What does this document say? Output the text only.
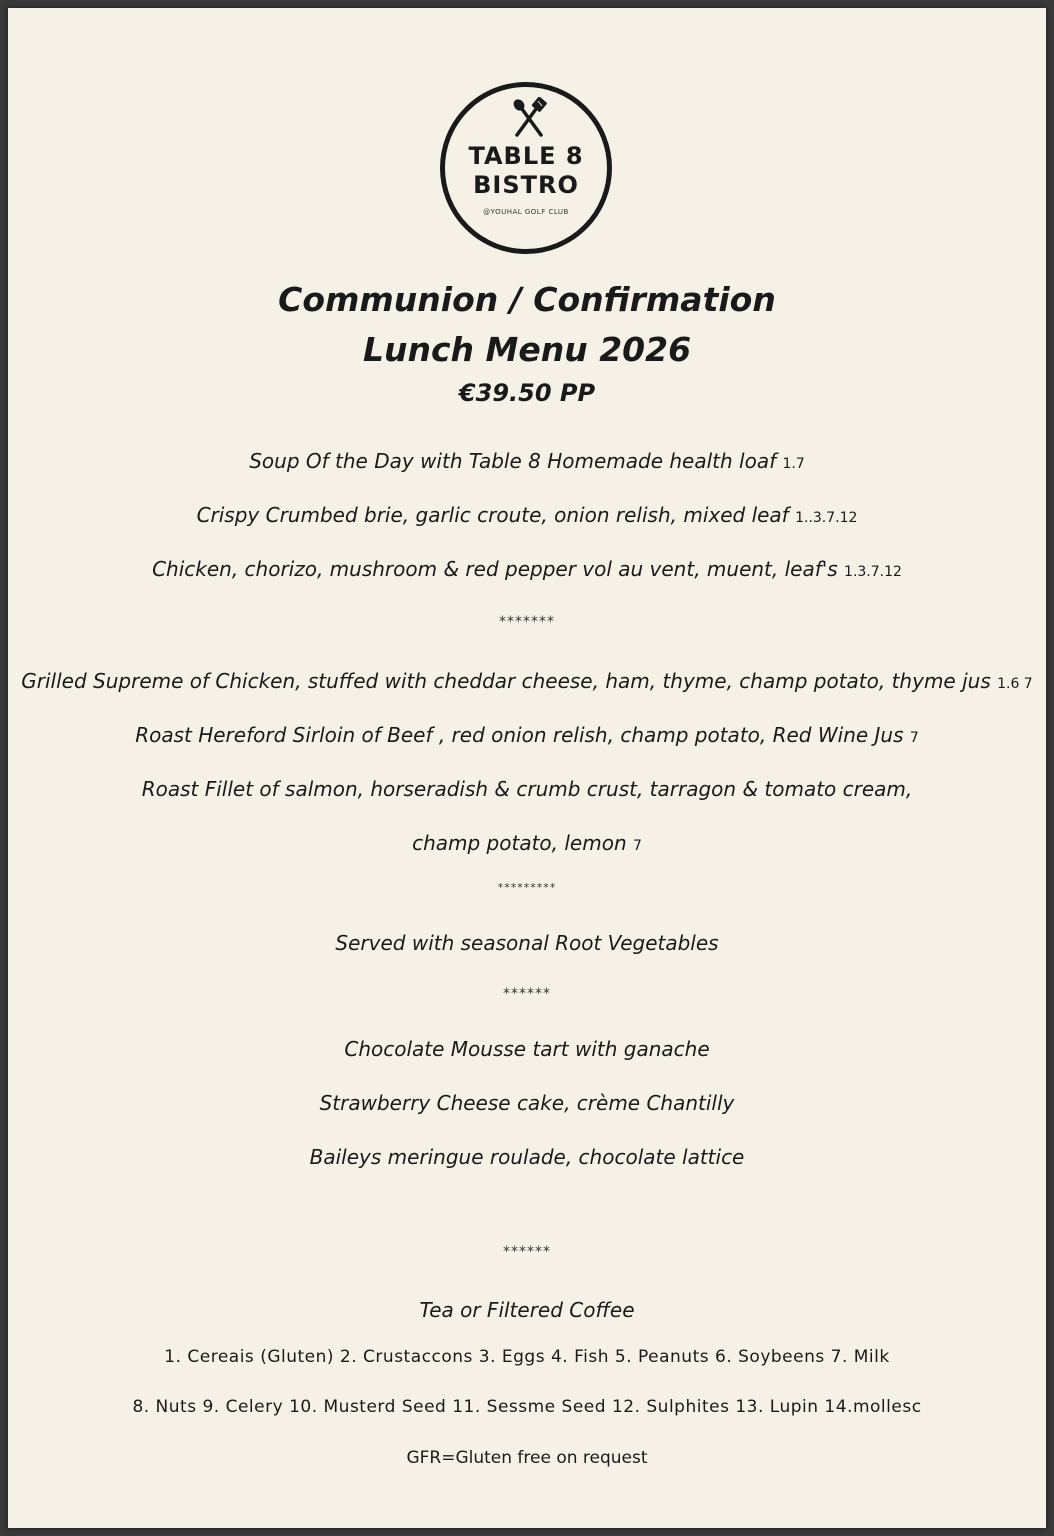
TABLE 8
BISTRO
@YOUHAL GOLF CLUB
Communion / Confirmation
Lunch Menu 2026
€39.50 PP
Soup Of the Day with Table 8 Homemade health loaf 1.7
Crispy Crumbed brie, garlic croute, onion relish, mixed leaf 1..3.7.12
Chicken, chorizo, mushroom & red pepper vol au vent, muent, leaf's 1.3.7.12
*******
Grilled Supreme of Chicken, stuffed with cheddar cheese, ham, thyme, champ potato, thyme jus 1.6 7
Roast Hereford Sirloin of Beef , red onion relish, champ potato, Red Wine Jus 7
Roast Fillet of salmon, horseradish & crumb crust, tarragon & tomato cream,
champ potato, lemon 7
*********
Served with seasonal Root Vegetables
******
Chocolate Mousse tart with ganache
Strawberry Cheese cake, crème Chantilly
Baileys meringue roulade, chocolate lattice
******
Tea or Filtered Coffee
1. Cereais (Gluten) 2. Crustaccons 3. Eggs 4. Fish 5. Peanuts 6. Soybeens 7. Milk
8. Nuts 9. Celery 10. Musterd Seed 11. Sessme Seed 12. Sulphites 13. Lupin 14.mollesc
GFR=Gluten free on request
